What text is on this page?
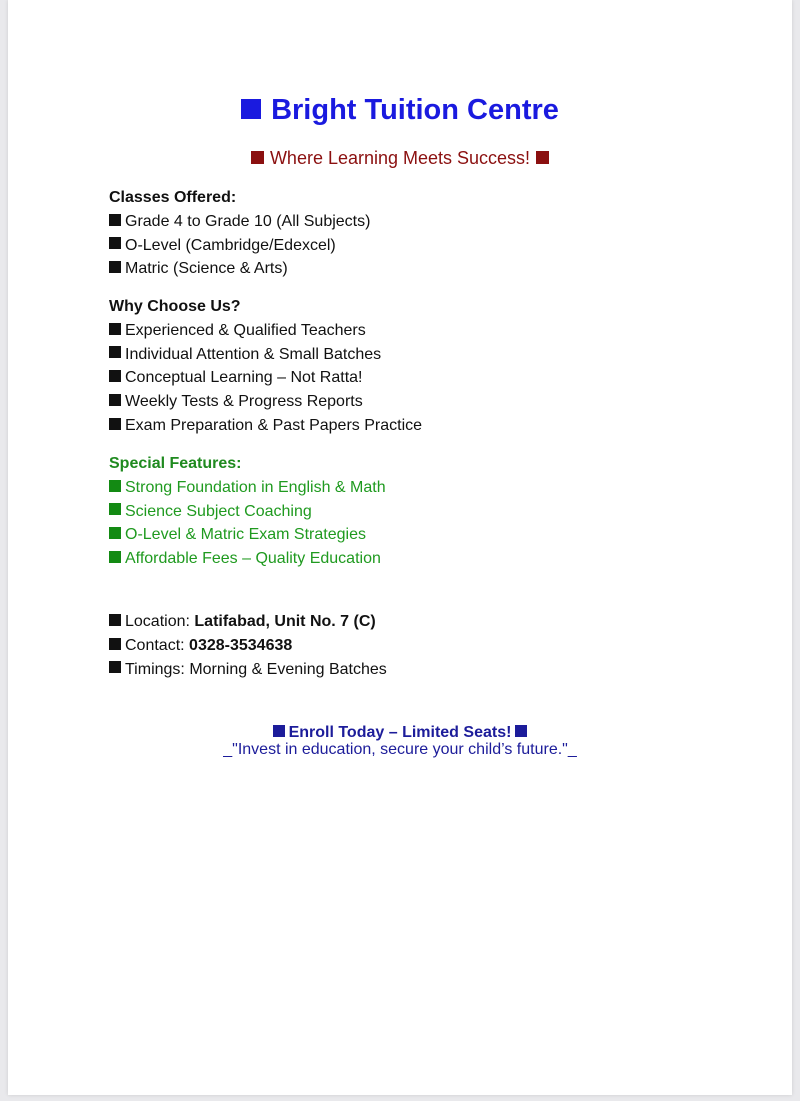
Bright Tuition Centre
Where Learning Meets Success!
Classes Offered:
Grade 4 to Grade 10 (All Subjects)
O-Level (Cambridge/Edexcel)
Matric (Science & Arts)
Why Choose Us?
Experienced & Qualified Teachers
Individual Attention & Small Batches
Conceptual Learning – Not Ratta!
Weekly Tests & Progress Reports
Exam Preparation & Past Papers Practice
Special Features:
Strong Foundation in English & Math
Science Subject Coaching
O-Level & Matric Exam Strategies
Affordable Fees – Quality Education
Location: Latifabad, Unit No. 7 (C)
Contact: 0328-3534638
Timings: Morning & Evening Batches
Enroll Today – Limited Seats!
_"Invest in education, secure your child’s future."_
